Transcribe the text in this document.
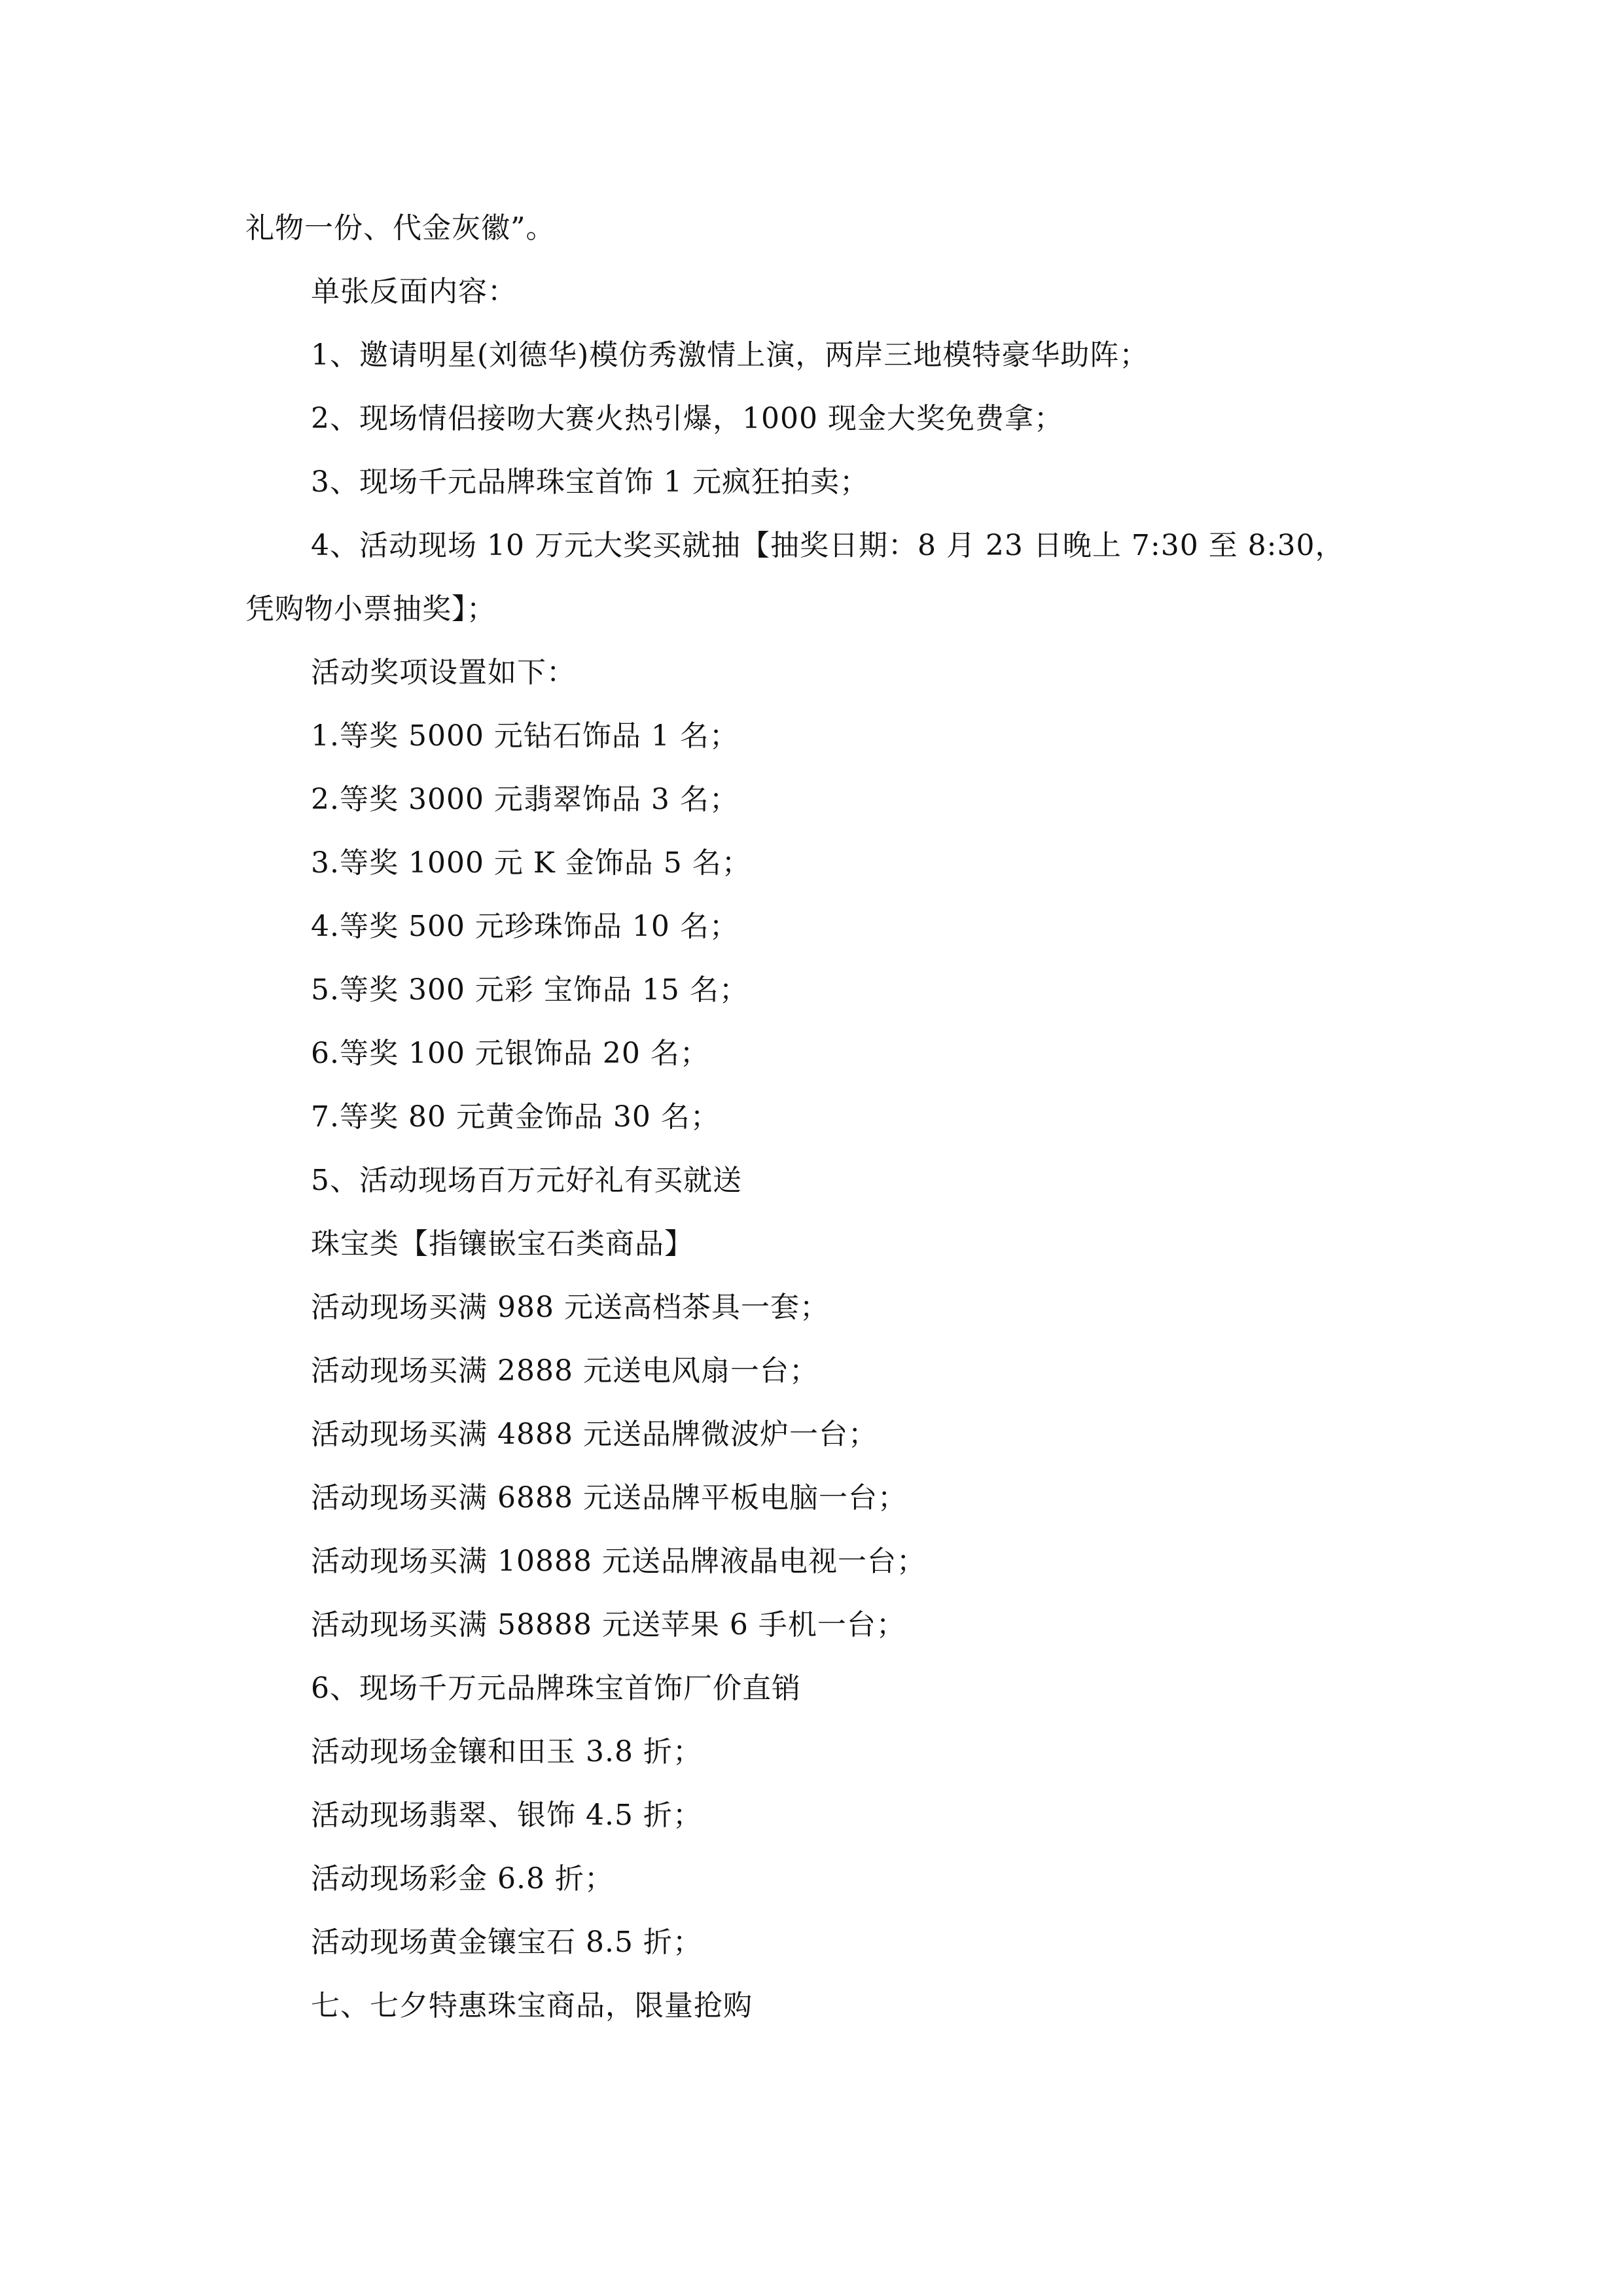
礼物一份、代金灰徽”。
单张反面内容：
1、邀请明星(刘德华)模仿秀激情上演，两岸三地模特豪华助阵；
2、现场情侣接吻大赛火热引爆，1000 现金大奖免费拿；
3、现场千元品牌珠宝首饰 1 元疯狂拍卖；
4、活动现场 10 万元大奖买就抽【抽奖日期：8 月 23 日晚上 7:30 至 8:30，
凭购物小票抽奖】；
活动奖项设置如下：
1.等奖 5000 元钻石饰品 1 名；
2.等奖 3000 元翡翠饰品 3 名；
3.等奖 1000 元 K 金饰品 5 名；
4.等奖 500 元珍珠饰品 10 名；
5.等奖 300 元彩 宝饰品 15 名；
6.等奖 100 元银饰品 20 名；
7.等奖 80 元黄金饰品 30 名；
5、活动现场百万元好礼有买就送
珠宝类【指镶嵌宝石类商品】
活动现场买满 988 元送高档茶具一套；
活动现场买满 2888 元送电风扇一台；
活动现场买满 4888 元送品牌微波炉一台；
活动现场买满 6888 元送品牌平板电脑一台；
活动现场买满 10888 元送品牌液晶电视一台；
活动现场买满 58888 元送苹果 6 手机一台；
6、现场千万元品牌珠宝首饰厂价直销
活动现场金镶和田玉 3.8 折；
活动现场翡翠、银饰 4.5 折；
活动现场彩金 6.8 折；
活动现场黄金镶宝石 8.5 折；
七、七夕特惠珠宝商品，限量抢购
